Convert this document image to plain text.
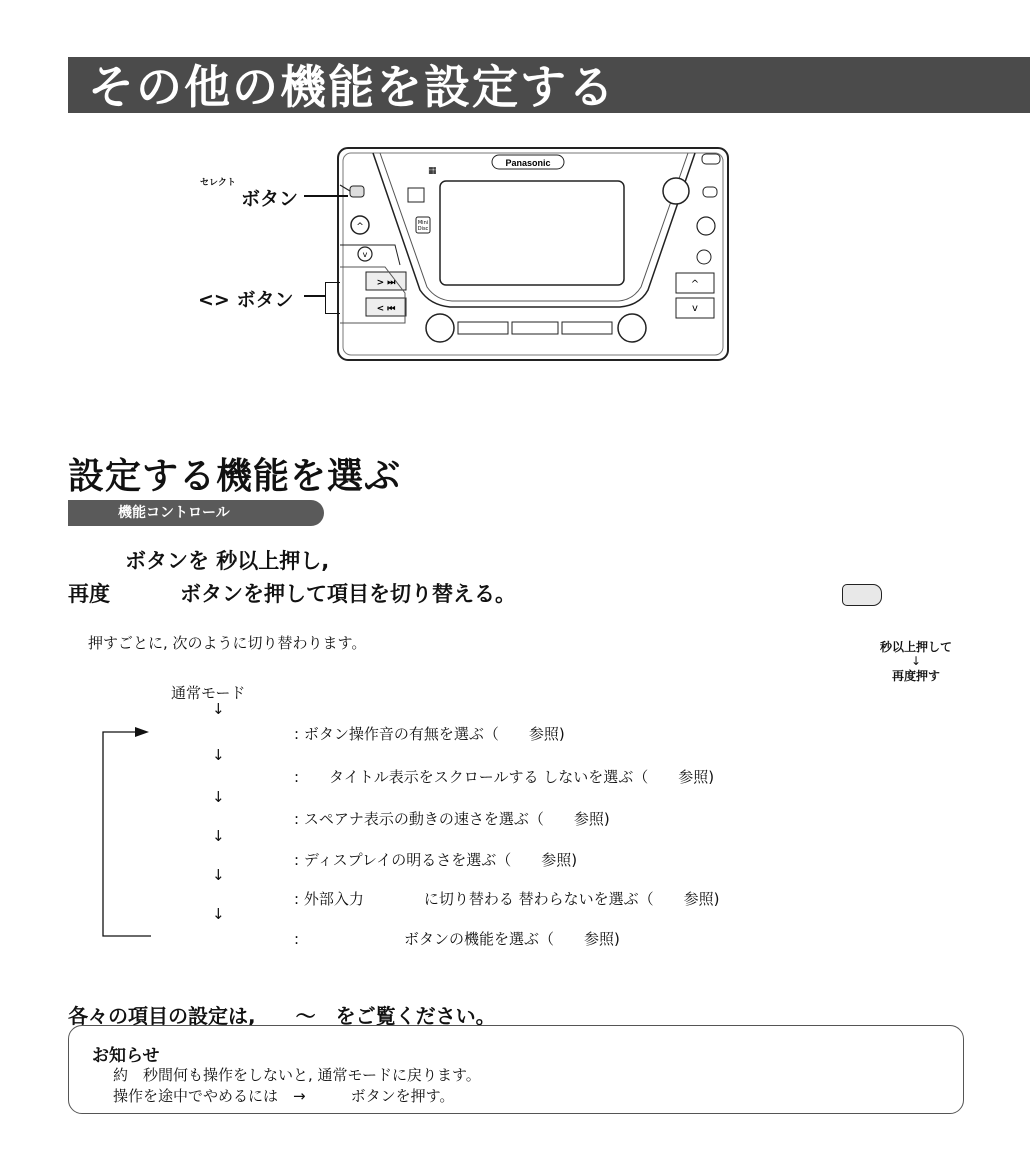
その他の機能を設定する
Panasonic
▦
Mini
Disc
^
v
> ⏭
< ⏮
^
v
セレクト
ボタン
<> ボタン
設定する機能を選ぶ
機能コントロール
ボタンを 秒以上押し,
再度	ボタンを押して項目を切り替える。
秒以上押して
↓
再度押す
押すごとに, 次のように切り替わります。
通常モード
↓
: ボタン操作音の有無を選ぶ（　　参照)
↓
:　　タイトル表示をスクロールする しないを選ぶ（　　参照)
↓
: スペアナ表示の動きの速さを選ぶ（　　参照)
↓
: ディスプレイの明るさを選ぶ（　　参照)
↓
: 外部入力　　　　に切り替わる 替わらないを選ぶ（　　参照)
↓
:　　　　　　　ボタンの機能を選ぶ（　　参照)
各々の項目の設定は,　　～　をご覧ください。
お知らせ
約　秒間何も操作をしないと, 通常モードに戻ります。
操作を途中でやめるには　→　　　ボタンを押す。
